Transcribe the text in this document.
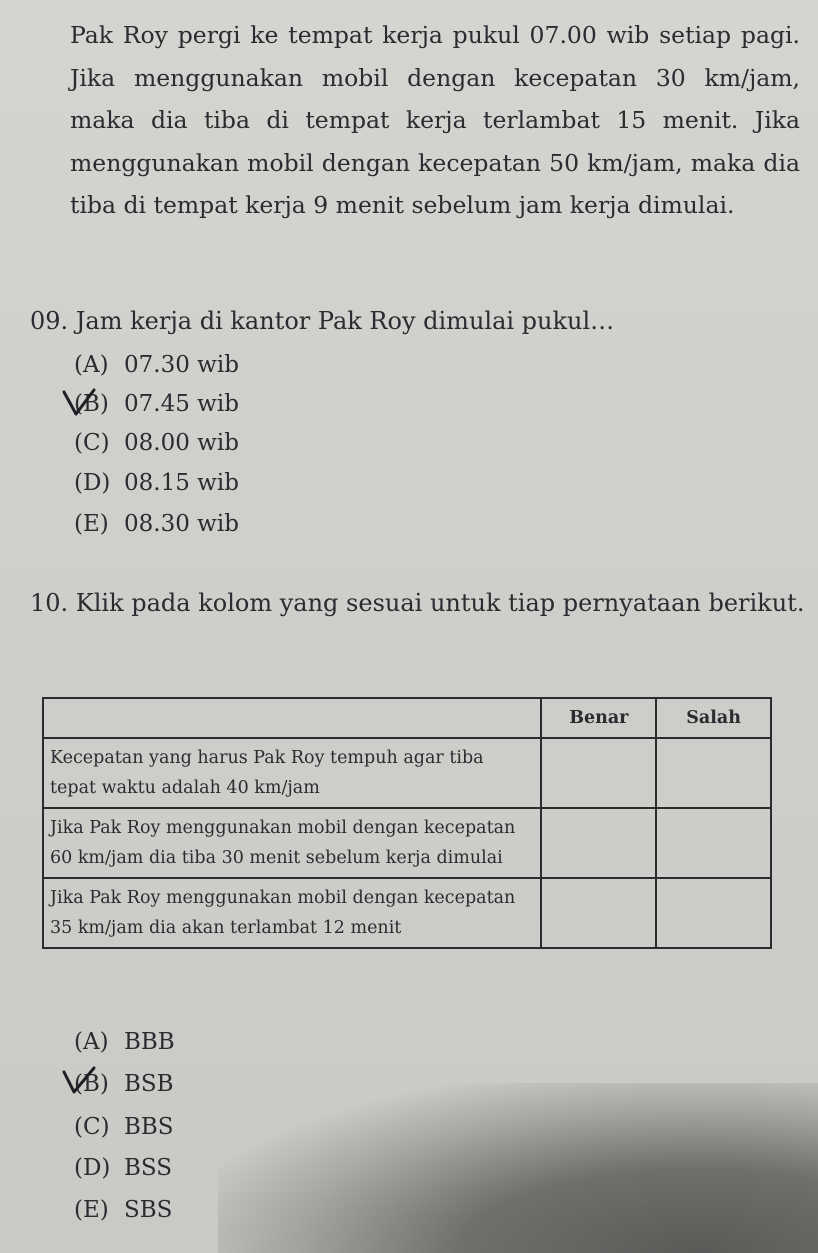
Pak Roy pergi ke tempat kerja pukul 07.00 wib setiap pagi. Jika menggunakan mobil dengan kecepatan 30 km/jam, maka dia tiba di tempat kerja terlambat 15 menit. Jika menggunakan mobil dengan kecepatan 50 km/jam, maka dia tiba di tempat kerja 9 menit sebelum jam kerja dimulai.
09. Jam kerja di kantor Pak Roy dimulai pukul…
(A) 07.30 wib
(B) 07.45 wib
(C) 08.00 wib
(D) 08.15 wib
(E) 08.30 wib
10. Klik pada kolom yang sesuai untuk tiap pernyataan berikut.
	Benar	Salah
Kecepatan yang harus Pak Roy tempuh agar tiba tepat waktu adalah 40 km/jam		
Jika Pak Roy menggunakan mobil dengan kecepatan 60 km/jam dia tiba 30 menit sebelum kerja dimulai		
Jika Pak Roy menggunakan mobil dengan kecepatan 35 km/jam dia akan terlambat 12 menit		
(A) BBB
(B) BSB
(C) BBS
(D) BSS
(E) SBS
